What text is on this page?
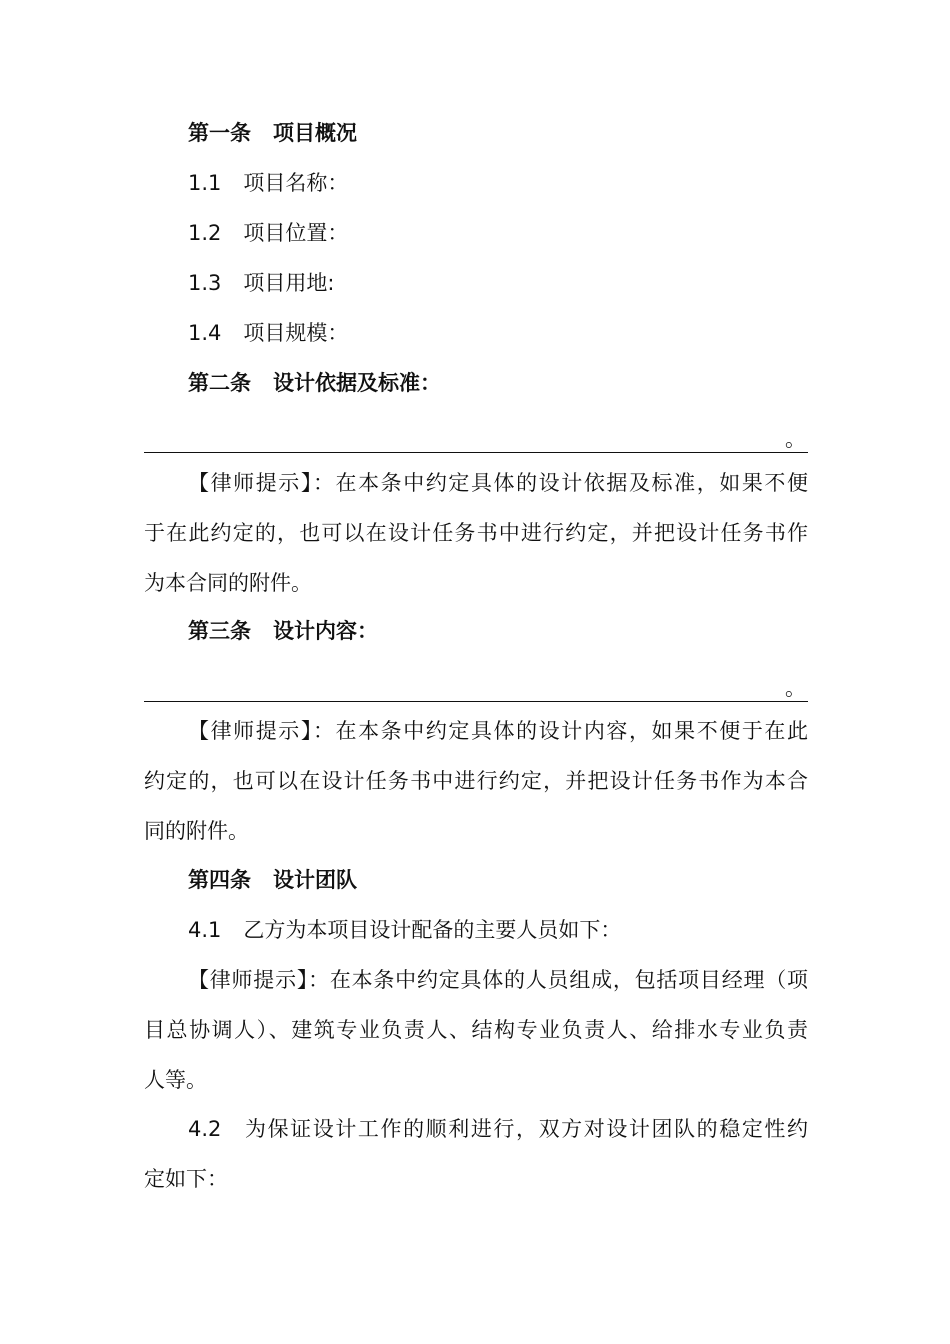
第一条 项目概况
1.1 项目名称：
1.2 项目位置：
1.3 项目用地:
1.4 项目规模：
第二条 设计依据及标准：
。
【律师提示】：在本条中约定具体的设计依据及标准，如果不便
于在此约定的，也可以在设计任务书中进行约定，并把设计任务书作
为本合同的附件。
第三条 设计内容：
。
【律师提示】：在本条中约定具体的设计内容，如果不便于在此
约定的，也可以在设计任务书中进行约定，并把设计任务书作为本合
同的附件。
第四条 设计团队
4.1 乙方为本项目设计配备的主要人员如下：
【律师提示】：在本条中约定具体的人员组成，包括项目经理（项
目总协调人）、建筑专业负责人、结构专业负责人、给排水专业负责
人等。
4.2 为保证设计工作的顺利进行，双方对设计团队的稳定性约
定如下：
